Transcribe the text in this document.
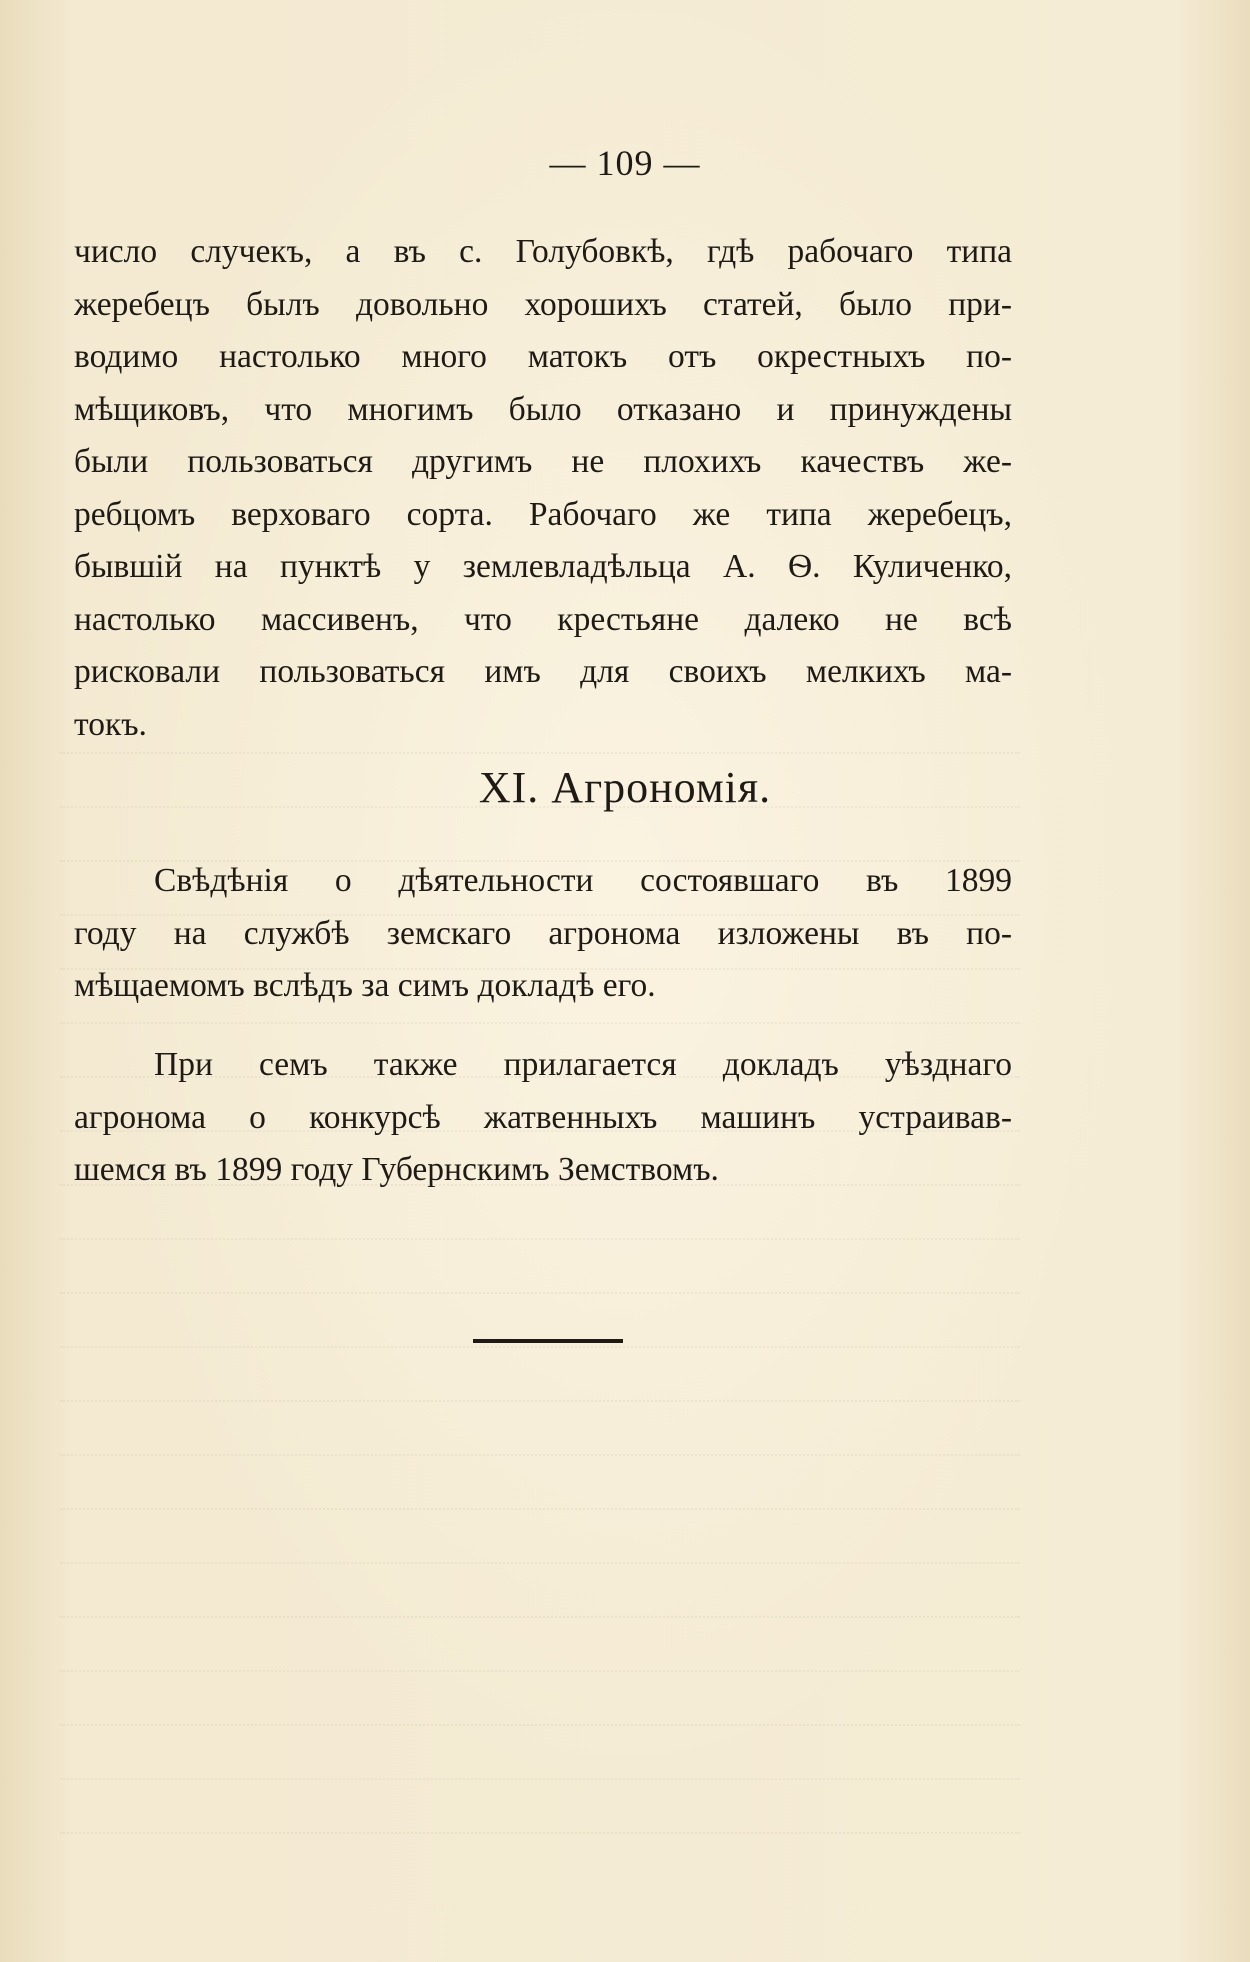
— 109 —
число случекъ, а въ с. Голубовкѣ, гдѣ рабочаго типа
жеребецъ былъ довольно хорошихъ статей, было при-
водимо настолько много матокъ отъ окрестныхъ по-
мѣщиковъ, что многимъ было отказано и принуждены
были пользоваться другимъ не плохихъ качествъ же-
ребцомъ верховаго сорта. Рабочаго же типа жеребецъ,
бывшій на пунктѣ у землевладѣльца А. Ѳ. Куличенко,
настолько массивенъ, что крестьяне далеко не всѣ
рисковали пользоваться имъ для своихъ мелкихъ ма-
токъ.
XI. Агрономія.
Свѣдѣнія о дѣятельности состоявшаго въ 1899
году на службѣ земскаго агронома изложены въ по-
мѣщаемомъ вслѣдъ за симъ докладѣ его.
При семъ также прилагается докладъ уѣзднаго
агронома о конкурсѣ жатвенныхъ машинъ устраивав-
шемся въ 1899 году Губернскимъ Земствомъ.
